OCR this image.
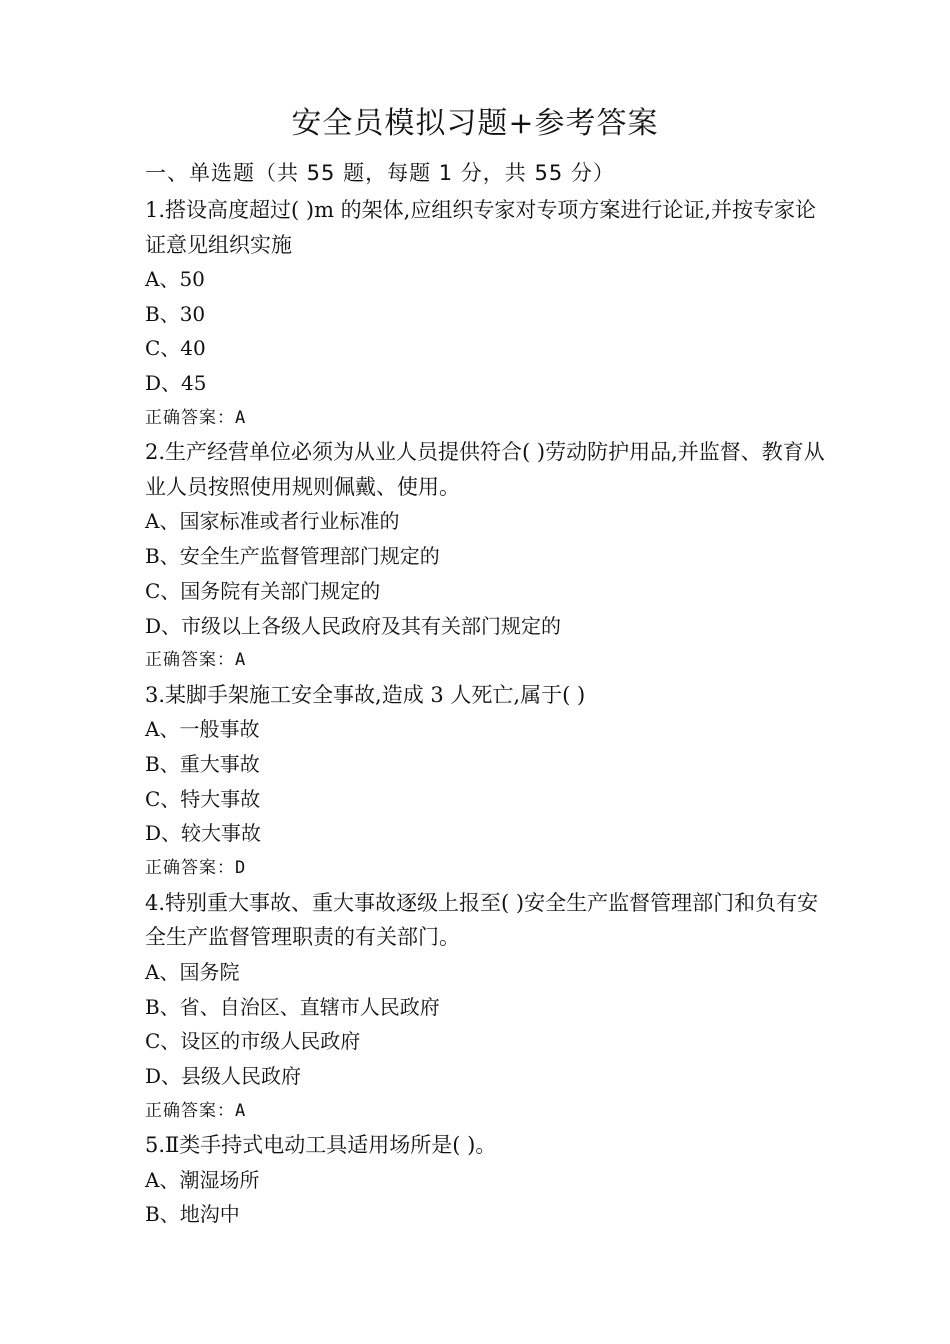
安全员模拟习题+参考答案
一、单选题（共 55 题，每题 1 分，共 55 分）
1.搭设高度超过( )m 的架体,应组织专家对专项方案进行论证,并按专家论证意见组织实施
A、50
B、30
C、40
D、45
正确答案：A
2.生产经营单位必须为从业人员提供符合( )劳动防护用品,并监督、教育从业人员按照使用规则佩戴、使用。
A、国家标准或者行业标准的
B、安全生产监督管理部门规定的
C、国务院有关部门规定的
D、市级以上各级人民政府及其有关部门规定的
正确答案：A
3.某脚手架施工安全事故,造成 3 人死亡,属于( )
A、一般事故
B、重大事故
C、特大事故
D、较大事故
正确答案：D
4.特别重大事故、重大事故逐级上报至( )安全生产监督管理部门和负有安全生产监督管理职责的有关部门。
A、国务院
B、省、自治区、直辖市人民政府
C、设区的市级人民政府
D、县级人民政府
正确答案：A
5.Ⅱ类手持式电动工具适用场所是( )。
A、潮湿场所
B、地沟中
